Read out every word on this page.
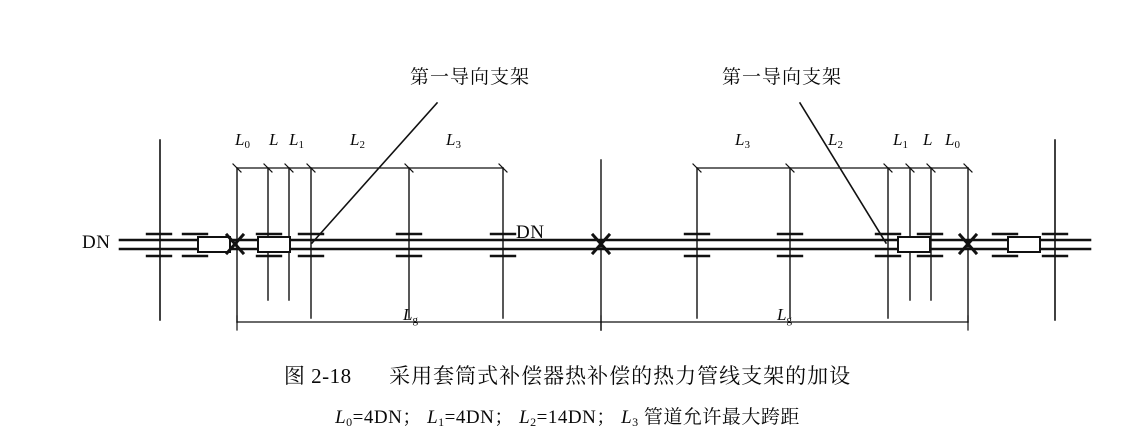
第一导向支架	第一导向支架
DN	DN
$L_0$ L $L_1$	$L_2$	$L_3$	$L_3$	$L_2$	$L_1$ L $L_0$
$L_g$	$L_g$
图 2-18 采用套筒式补偿器热补偿的热力管线支架的加设
$L_0=4DN$； $L_1=4DN$； $L_2=14DN$； $L_3$ 管道允许最大跨距
